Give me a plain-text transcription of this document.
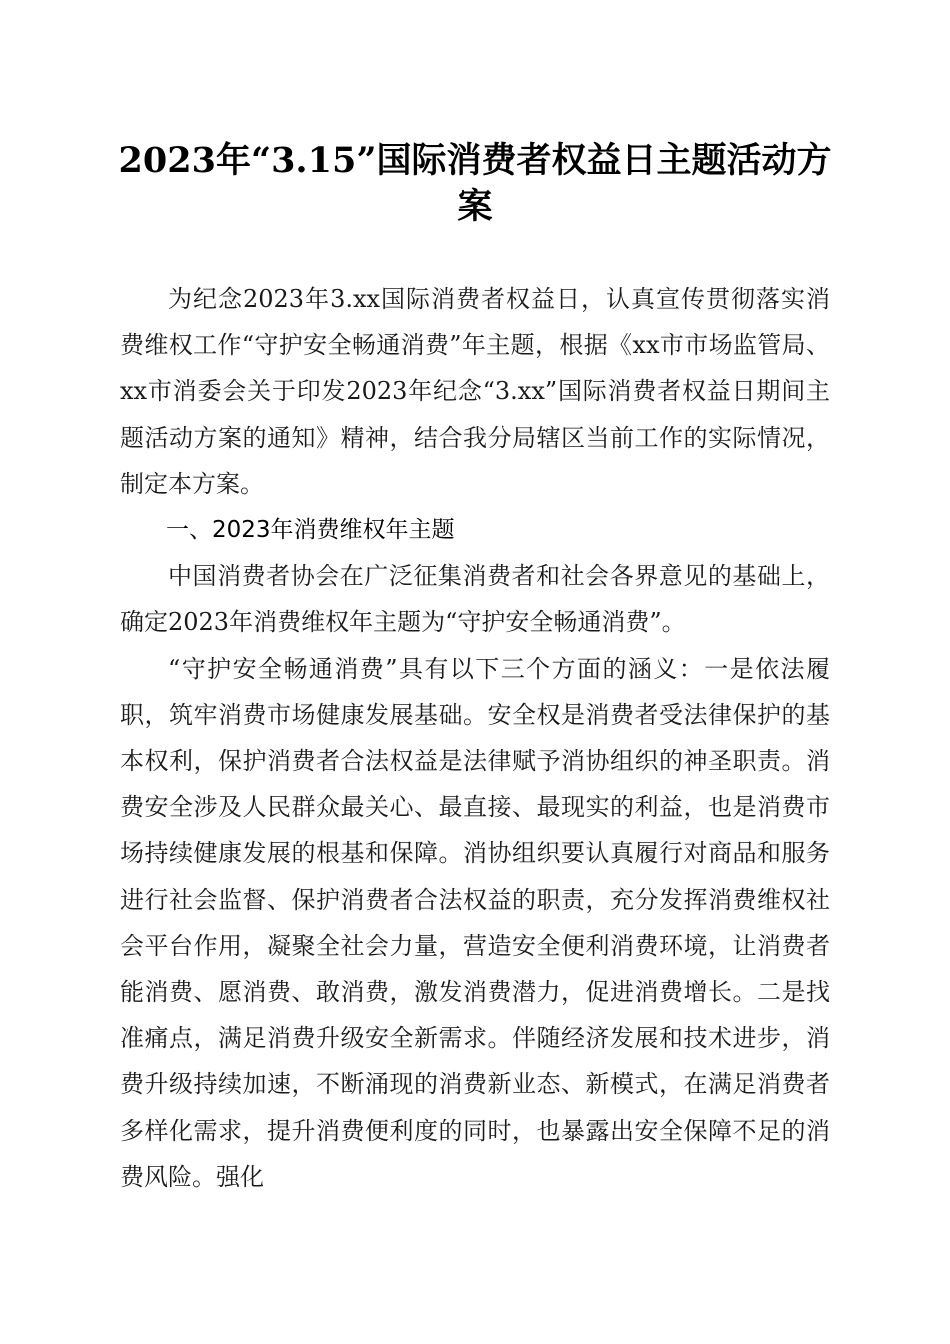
2023年“3.15”国际消费者权益日主题活动方
案

为纪念2023年3.xx国际消费者权益日，认真宣传贯彻落实消费维权工作“守护安全畅通消费”年主题，根据《xx市市场监管局、xx市消委会关于印发2023年纪念“3.xx”国际消费者权益日期间主题活动方案的通知》精神，结合我分局辖区当前工作的实际情况，制定本方案。

一、2023年消费维权年主题

中国消费者协会在广泛征集消费者和社会各界意见的基础上，确定2023年消费维权年主题为“守护安全畅通消费”。

“守护安全畅通消费”具有以下三个方面的涵义：一是依法履职，筑牢消费市场健康发展基础。安全权是消费者受法律保护的基本权利，保护消费者合法权益是法律赋予消协组织的神圣职责。消费安全涉及人民群众最关心、最直接、最现实的利益，也是消费市场持续健康发展的根基和保障。消协组织要认真履行对商品和服务进行社会监督、保护消费者合法权益的职责，充分发挥消费维权社会平台作用，凝聚全社会力量，营造安全便利消费环境，让消费者能消费、愿消费、敢消费，激发消费潜力，促进消费增长。二是找准痛点，满足消费升级安全新需求。伴随经济发展和技术进步，消费升级持续加速，不断涌现的消费新业态、新模式，在满足消费者多样化需求，提升消费便利度的同时，也暴露出安全保障不足的消费风险。强化
